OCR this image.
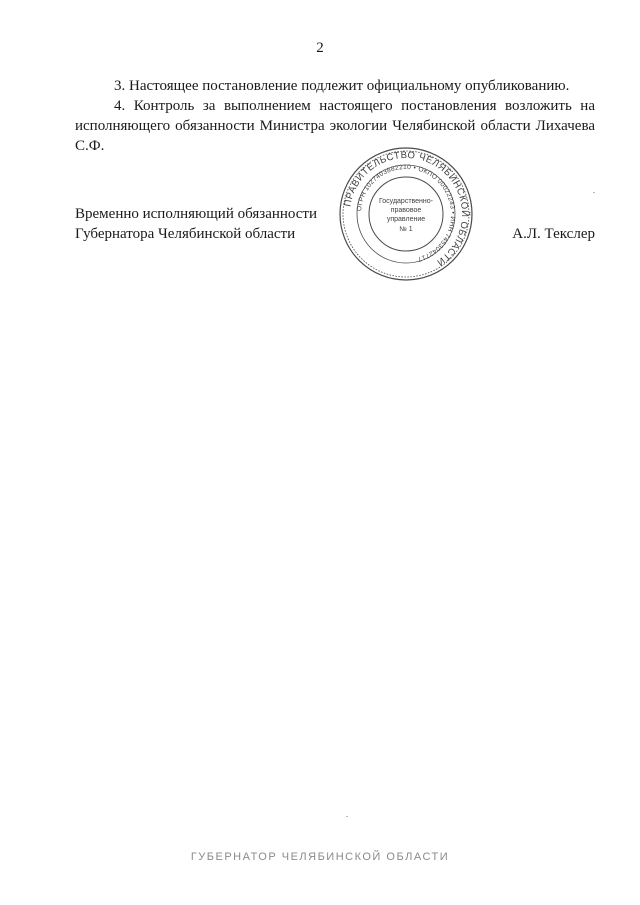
2
3. Настоящее постановление подлежит официальному опубликованию.
4. Контроль за выполнением настоящего постановления возложить на исполняющего обязанности Министра экологии Челябинской области Лихачева С.Ф.
Временно исполняющий обязанности
Губернатора Челябинской области
ПРАВИТЕЛЬСТВО ЧЕЛЯБИНСКОЙ ОБЛАСТИ
ОГРН 1027403882210 • ОКПО 00022243 • ИНН 7453042717
Государственно-
правовое
управление
№ 1	А.Л. Текслер
ГУБЕРНАТОР ЧЕЛЯБИНСКОЙ ОБЛАСТИ
